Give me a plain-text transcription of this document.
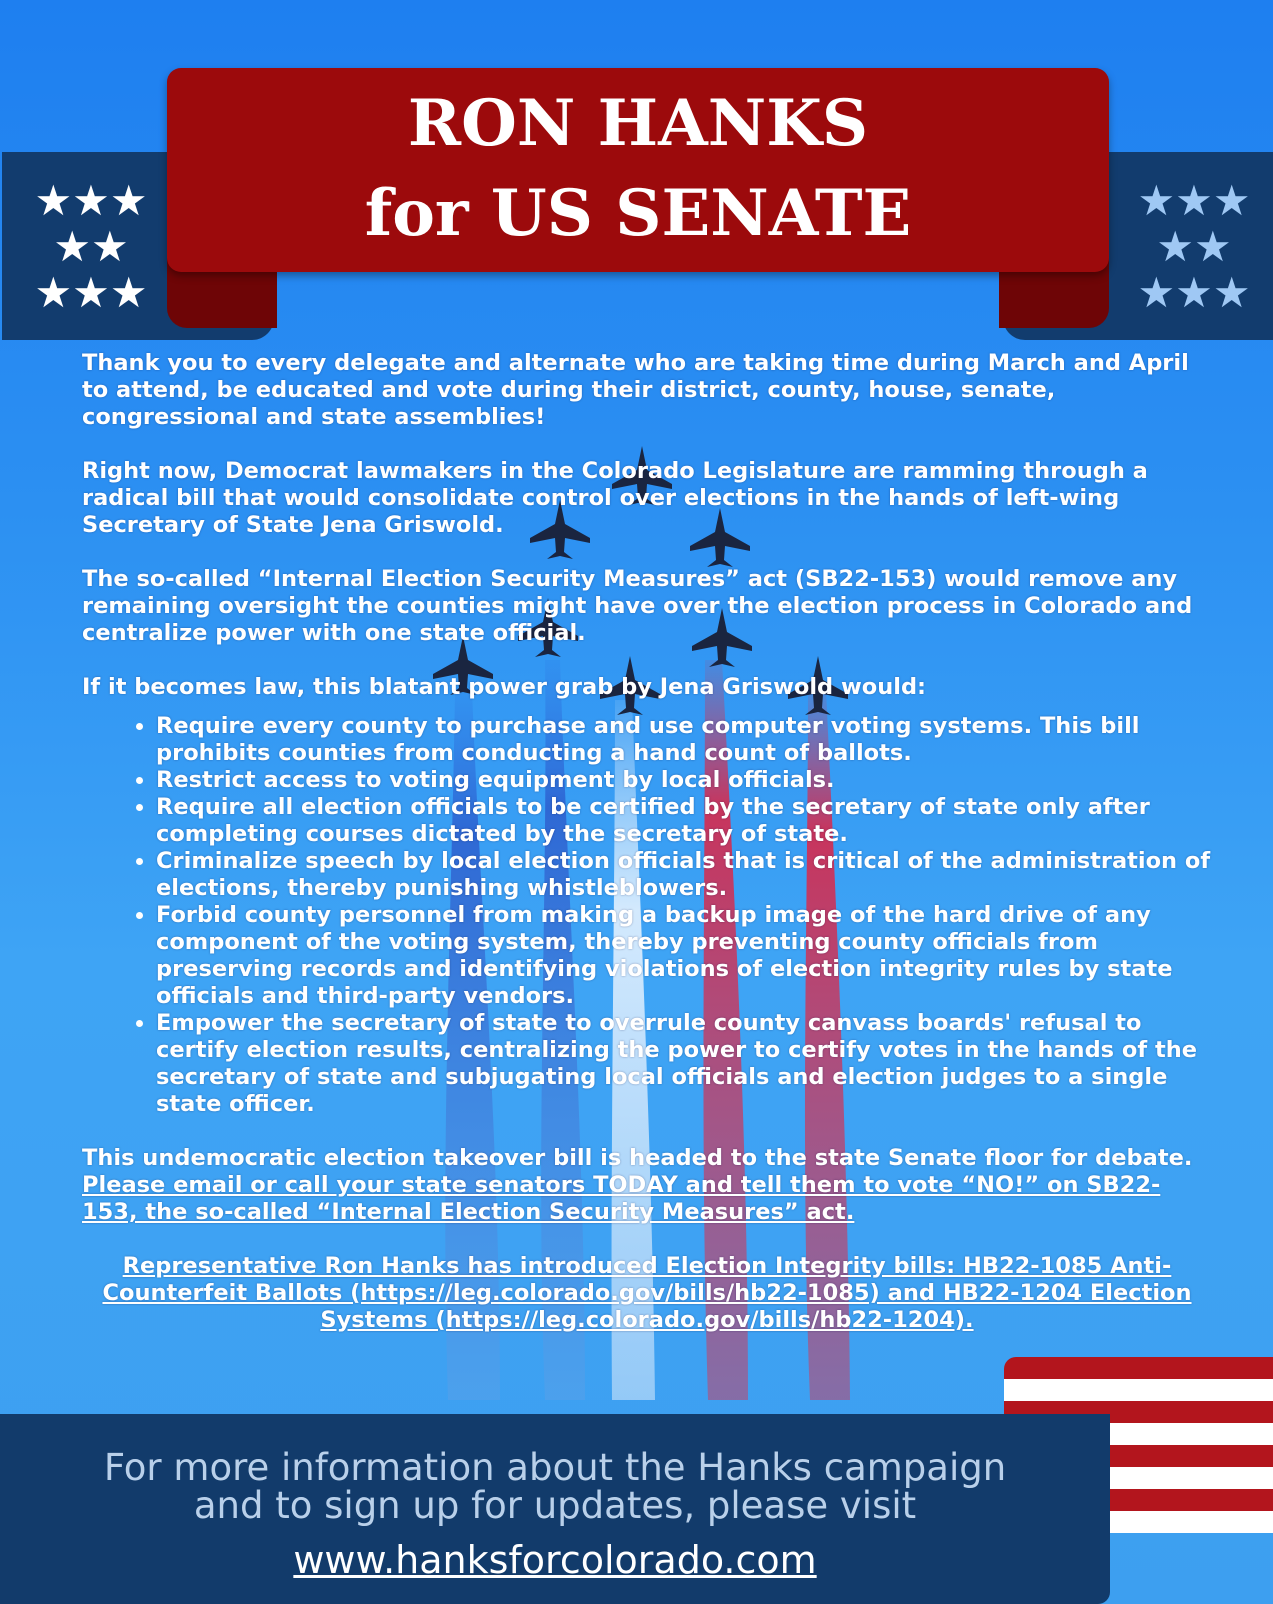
★★★
★★
★★★
★★★
★★
★★★
RON HANKS
for US SENATE

Thank you to every delegate and alternate who are taking time during March and April to attend, be educated and vote during their district, county, house, senate, congressional and state assemblies!

Right now, Democrat lawmakers in the Colorado Legislature are ramming through a radical bill that would consolidate control over elections in the hands of left-wing Secretary of State Jena Griswold.

The so-called “Internal Election Security Measures” act (SB22-153) would remove any remaining oversight the counties might have over the election process in Colorado and centralize power with one state official.

If it becomes law, this blatant power grab by Jena Griswold would:

• Require every county to purchase and use computer voting systems. This bill prohibits counties from conducting a hand count of ballots.
• Restrict access to voting equipment by local officials.
• Require all election officials to be certified by the secretary of state only after completing courses dictated by the secretary of state.
• Criminalize speech by local election officials that is critical of the administration of elections, thereby punishing whistleblowers.
• Forbid county personnel from making a backup image of the hard drive of any component of the voting system, thereby preventing county officials from preserving records and identifying violations of election integrity rules by state officials and third-party vendors.
• Empower the secretary of state to overrule county canvass boards' refusal to certify election results, centralizing the power to certify votes in the hands of the secretary of state and subjugating local officials and election judges to a single state officer.

This undemocratic election takeover bill is headed to the state Senate floor for debate. Please email or call your state senators TODAY and tell them to vote “NO!” on SB22-153, the so-called “Internal Election Security Measures” act.

Representative Ron Hanks has introduced Election Integrity bills: HB22-1085 Anti-Counterfeit Ballots (https://leg.colorado.gov/bills/hb22-1085) and HB22-1204 Election Systems (https://leg.colorado.gov/bills/hb22-1204).

For more information about the Hanks campaign
and to sign up for updates, please visit
www.hanksforcolorado.com
